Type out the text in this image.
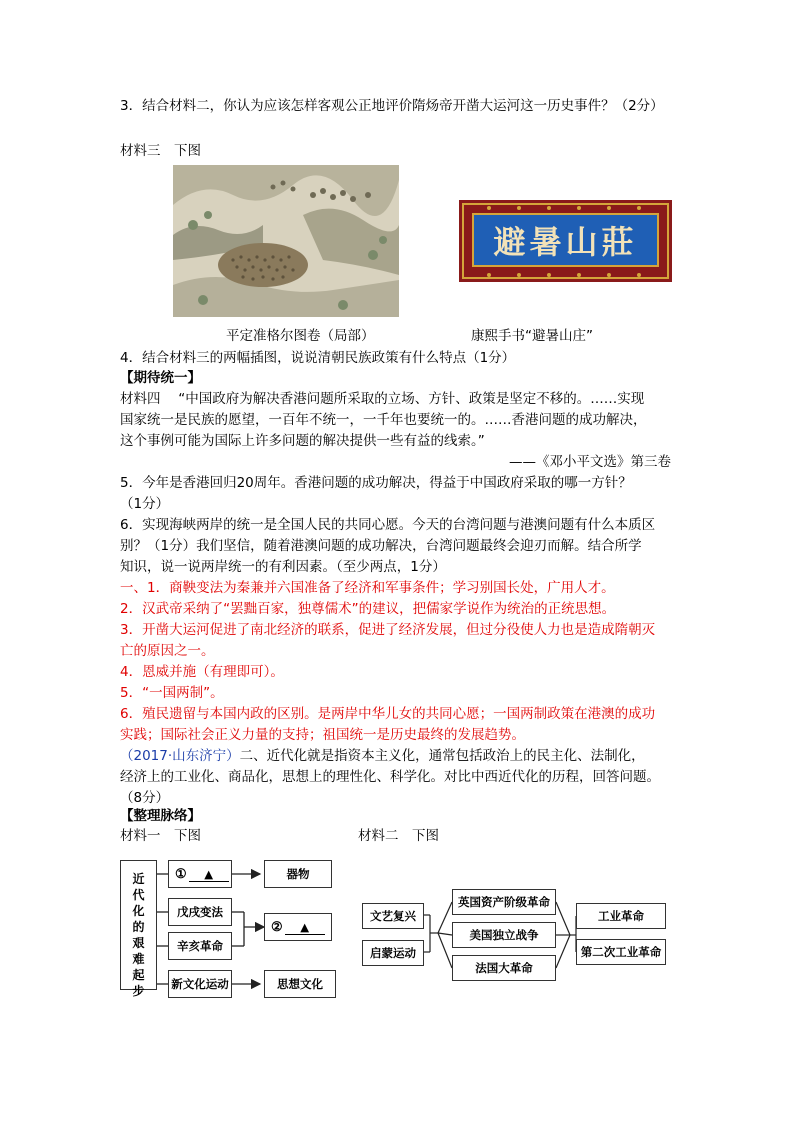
3．结合材料二，你认为应该怎样客观公正地评价隋炀帝开凿大运河这一历史事件？（2分）
材料三　下图
避暑山莊
平定准格尔图卷（局部）	康熙手书“避暑山庄”
4．结合材料三的两幅插图，说说清朝民族政策有什么特点（1分）
【期待统一】
材料四　 “中国政府为解决香港问题所采取的立场、方针、政策是坚定不移的。……实现
国家统一是民族的愿望，一百年不统一，一千年也要统一的。……香港问题的成功解决，
这个事例可能为国际上许多问题的解决提供一些有益的线索。”
——《邓小平文选》第三卷
5．今年是香港回归20周年。香港问题的成功解决，得益于中国政府采取的哪一方针？
（1分）
6．实现海峡两岸的统一是全国人民的共同心愿。今天的台湾问题与港澳问题有什么本质区
别？（1分）我们坚信，随着港澳问题的成功解决，台湾问题最终会迎刃而解。结合所学
知识，说一说两岸统一的有利因素。（至少两点，1分）
一、1．商鞅变法为秦兼并六国准备了经济和军事条件；学习别国长处，广用人才。
2．汉武帝采纳了“罢黜百家，独尊儒术”的建议，把儒家学说作为统治的正统思想。
3．开凿大运河促进了南北经济的联系，促进了经济发展，但过分役使人力也是造成隋朝灭
亡的原因之一。
4．恩威并施（有理即可）。
5．“一国两制”。
6．殖民遗留与本国内政的区别。是两岸中华儿女的共同心愿；一国两制政策在港澳的成功
实践；国际社会正义力量的支持；祖国统一是历史最终的发展趋势。
（2017·山东济宁）二、近代化就是指资本主义化，通常包括政治上的民主化、法制化，
经济上的工业化、商品化，思想上的理性化、科学化。对比中西近代化的历程，回答问题。
（8分）
【整理脉络】
材料一　下图	材料二　下图
近
代
化
的
艰
难
起
步
①	▲	器物
戊戌变法
②	▲
辛亥革命
新文化运动	思想文化
文艺复兴
启蒙运动
英国资产阶级革命
美国独立战争
法国大革命
工业革命
第二次工业革命
